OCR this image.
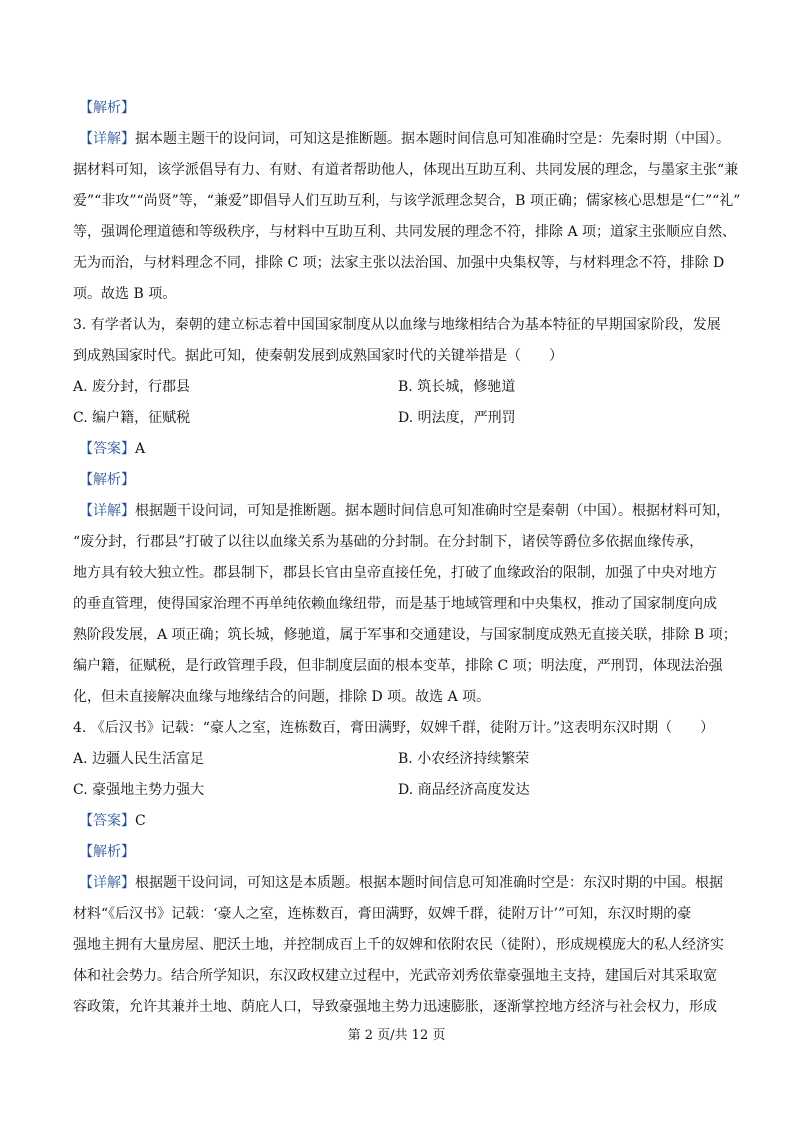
【解析】
【详解】据本题主题干的设问词，可知这是推断题。据本题时间信息可知准确时空是：先秦时期（中国）。
据材料可知，该学派倡导有力、有财、有道者帮助他人，体现出互助互利、共同发展的理念，与墨家主张“兼
爱”“非攻”“尚贤”等，“兼爱”即倡导人们互助互利，与该学派理念契合，B 项正确；儒家核心思想是“仁”“礼”
等，强调伦理道德和等级秩序，与材料中互助互利、共同发展的理念不符，排除 A 项；道家主张顺应自然、
无为而治，与材料理念不同，排除 C 项；法家主张以法治国、加强中央集权等，与材料理念不符，排除 D
项。故选 B 项。
3. 有学者认为，秦朝的建立标志着中国国家制度从以血缘与地缘相结合为基本特征的早期国家阶段，发展
到成熟国家时代。据此可知，使秦朝发展到成熟国家时代的关键举措是（　　）
A. 废分封，行郡县	B. 筑长城，修驰道
C. 编户籍，征赋税	D. 明法度，严刑罚
【答案】A
【解析】
【详解】根据题干设问词，可知是推断题。据本题时间信息可知准确时空是秦朝（中国）。根据材料可知，
“废分封，行郡县”打破了以往以血缘关系为基础的分封制。在分封制下，诸侯等爵位多依据血缘传承，
地方具有较大独立性。郡县制下，郡县长官由皇帝直接任免，打破了血缘政治的限制，加强了中央对地方
的垂直管理，使得国家治理不再单纯依赖血缘纽带，而是基于地域管理和中央集权，推动了国家制度向成
熟阶段发展，A 项正确；筑长城，修驰道，属于军事和交通建设，与国家制度成熟无直接关联，排除 B 项；
编户籍，征赋税，是行政管理手段，但非制度层面的根本变革，排除 C 项；明法度，严刑罚，体现法治强
化，但未直接解决血缘与地缘结合的问题，排除 D 项。故选 A 项。
4. 《后汉书》记载：“豪人之室，连栋数百，膏田满野，奴婢千群，徒附万计。”这表明东汉时期（　　）
A. 边疆人民生活富足	B. 小农经济持续繁荣
C. 豪强地主势力强大	D. 商品经济高度发达
【答案】C
【解析】
【详解】根据题干设问词，可知这是本质题。根据本题时间信息可知准确时空是：东汉时期的中国。根据
材料“《后汉书》记载：‘豪人之室，连栋数百，膏田满野，奴婢千群，徒附万计’”可知，东汉时期的豪
强地主拥有大量房屋、肥沃土地，并控制成百上千的奴婢和依附农民（徒附），形成规模庞大的私人经济实
体和社会势力。结合所学知识，东汉政权建立过程中，光武帝刘秀依靠豪强地主支持，建国后对其采取宽
容政策，允许其兼并土地、荫庇人口，导致豪强地主势力迅速膨胀，逐渐掌控地方经济与社会权力，形成
第 2 页/共 12 页
